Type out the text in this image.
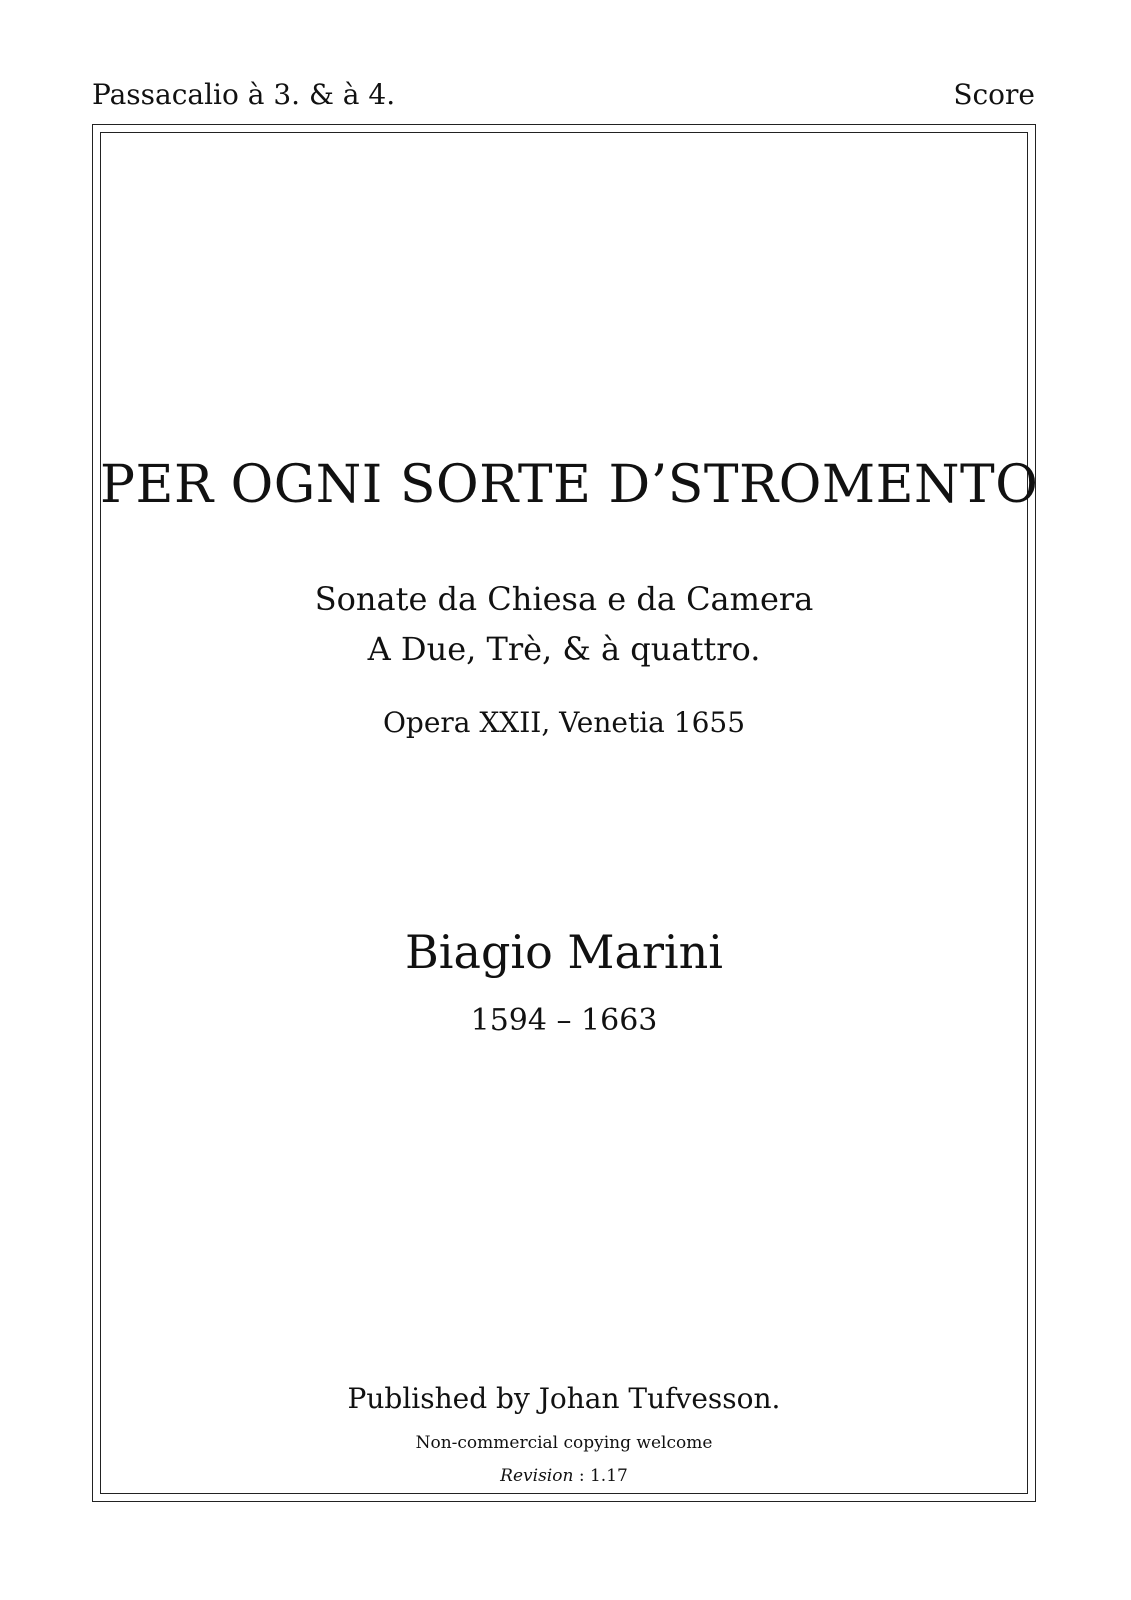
Passacalio à 3. & à 4.	Score
PER OGNI SORTE D’STROMENTO
Sonate da Chiesa e da Camera
A Due, Trè, & à quattro.
Opera XXII, Venetia 1655
Biagio Marini
1594 – 1663
Published by Johan Tufvesson.
Non-commercial copying welcome
Revision : 1.17
